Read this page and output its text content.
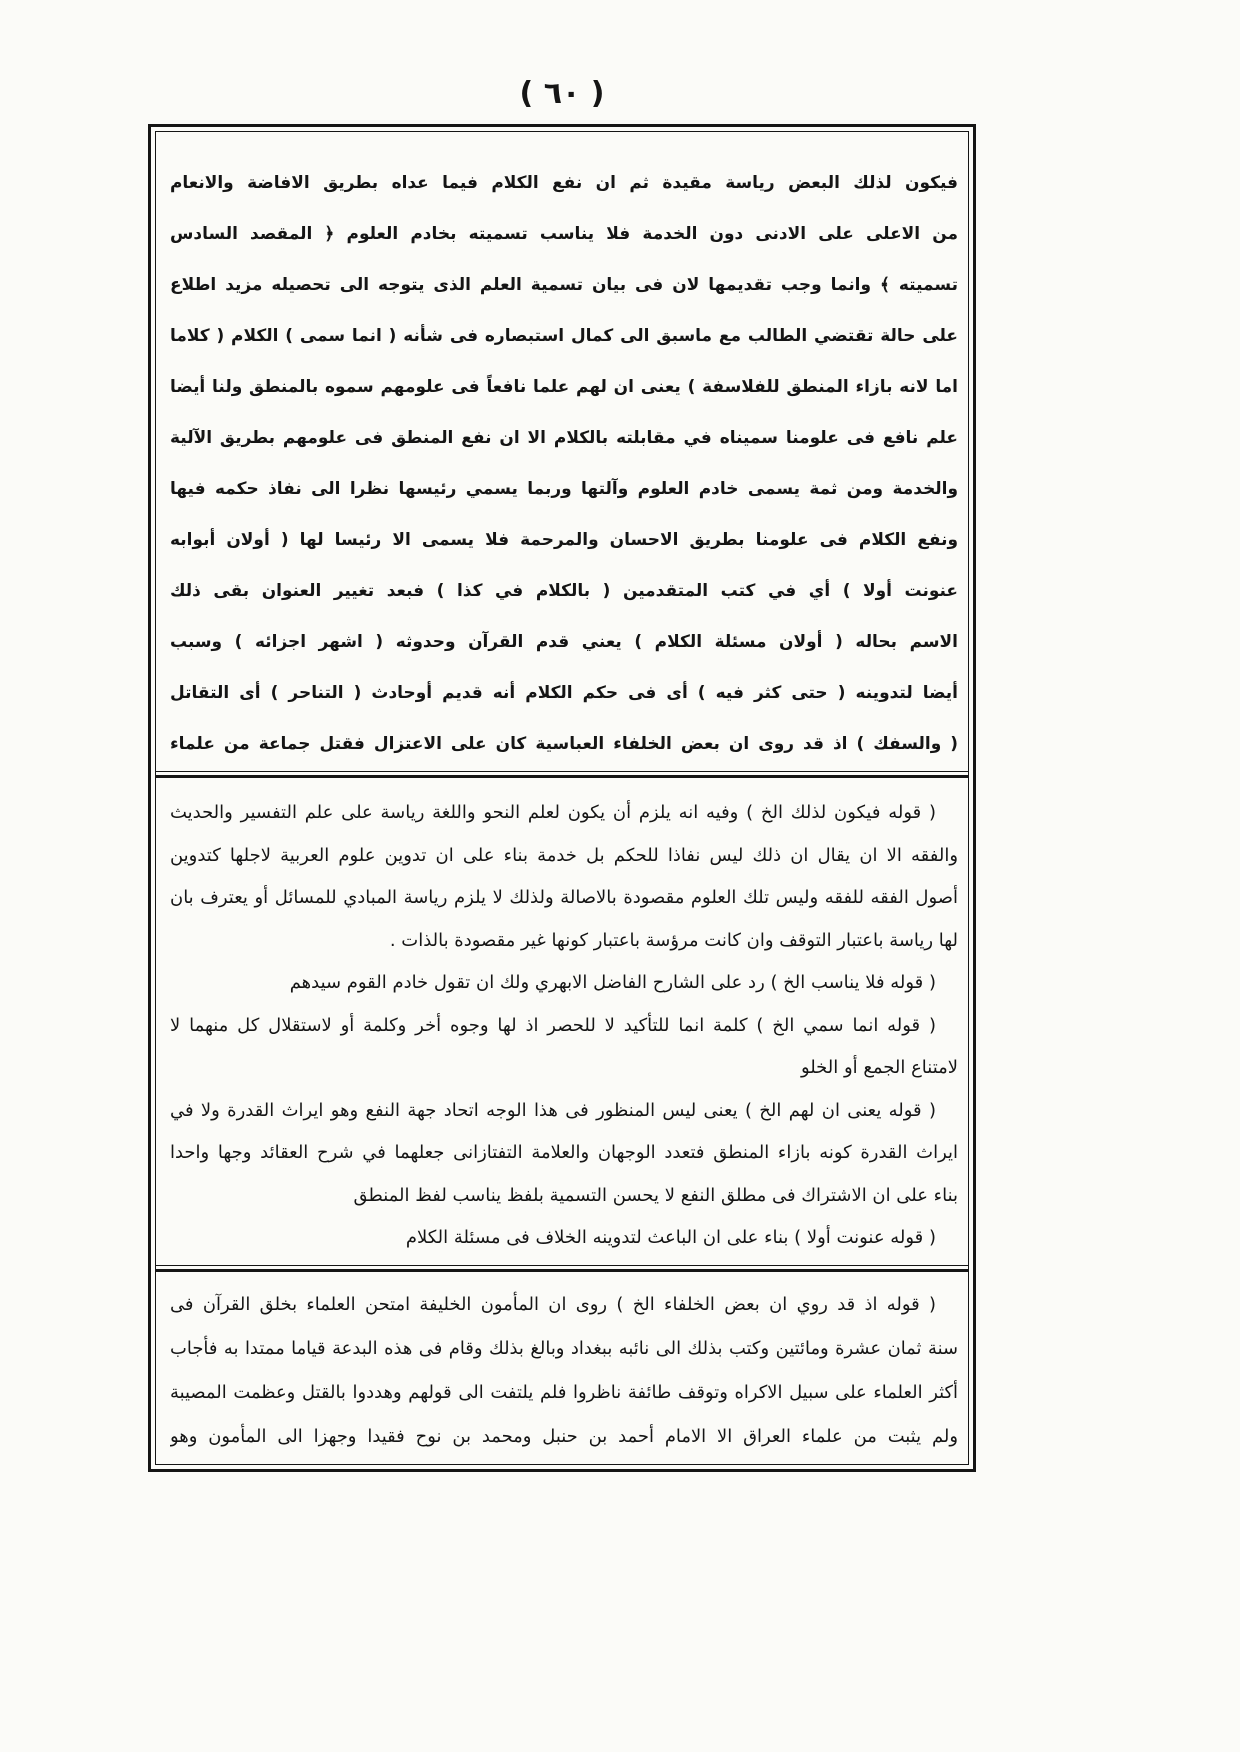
( ٦٠ )
فيكون لذلك البعض رياسة مقيدة ثم ان نفع الكلام فيما عداه بطريق الافاضة والانعام
من الاعلى على الادنى دون الخدمة فلا يناسب تسميته بخادم العلوم ﴿ المقصد السادس
تسميته ﴾ وانما وجب تقديمها لان فى بيان تسمية العلم الذى يتوجه الى تحصيله مزيد اطلاع
على حالة تقتضي الطالب مع ماسبق الى كمال استبصاره فى شأنه ( انما سمى ) الكلام ( كلاما
اما لانه بازاء المنطق للفلاسفة ) يعنى ان لهم علما نافعاً فى علومهم سموه بالمنطق ولنا أيضا
علم نافع فى علومنا سميناه في مقابلته بالكلام الا ان نفع المنطق فى علومهم بطريق الآلية
والخدمة ومن ثمة يسمى خادم العلوم وآلتها وربما يسمي رئيسها نظرا الى نفاذ حكمه فيها
ونفع الكلام فى علومنا بطريق الاحسان والمرحمة فلا يسمى الا رئيسا لها ( أولان أبوابه
عنونت أولا ) أي في كتب المتقدمين ( بالكلام في كذا ) فبعد تغيير العنوان بقى ذلك
الاسم بحاله ( أولان مسئلة الكلام ) يعني قدم القرآن وحدوثه ( اشهر اجزائه ) وسبب
أيضا لتدوينه ( حتى كثر فيه ) أى فى حكم الكلام أنه قديم أوحادث ( التناحر ) أى التقاتل
( والسفك ) اذ قد روى ان بعض الخلفاء العباسية كان على الاعتزال فقتل جماعة من علماء
( قوله فيكون لذلك الخ ) وفيه انه يلزم أن يكون لعلم النحو واللغة رياسة على علم التفسير والحديث
والفقه الا ان يقال ان ذلك ليس نفاذا للحكم بل خدمة بناء على ان تدوين علوم العربية لاجلها كتدوين
أصول الفقه للفقه وليس تلك العلوم مقصودة بالاصالة ولذلك لا يلزم رياسة المبادي للمسائل أو يعترف بان
لها رياسة باعتبار التوقف وان كانت مرؤسة باعتبار كونها غير مقصودة بالذات .
( قوله فلا يناسب الخ ) رد على الشارح الفاضل الابهري ولك ان تقول خادم القوم سيدهم
( قوله انما سمي الخ ) كلمة انما للتأكيد لا للحصر اذ لها وجوه أخر وكلمة أو لاستقلال كل منهما لا
لامتناع الجمع أو الخلو
( قوله يعنى ان لهم الخ ) يعنى ليس المنظور فى هذا الوجه اتحاد جهة النفع وهو ايراث القدرة ولا في
ايراث القدرة كونه بازاء المنطق فتعدد الوجهان والعلامة التفتازانى جعلهما في شرح العقائد وجها واحدا
بناء على ان الاشتراك فى مطلق النفع لا يحسن التسمية بلفظ يناسب لفظ المنطق
( قوله عنونت أولا ) بناء على ان الباعث لتدوينه الخلاف فى مسئلة الكلام
( قوله اذ قد روي ان بعض الخلفاء الخ ) روى ان المأمون الخليفة امتحن العلماء بخلق القرآن فى
سنة ثمان عشرة ومائتين وكتب بذلك الى نائبه ببغداد وبالغ بذلك وقام فى هذه البدعة قياما ممتدا به فأجاب
أكثر العلماء على سبيل الاكراه وتوقف طائفة ناظروا فلم يلتفت الى قولهم وهددوا بالقتل وعظمت المصيبة
ولم يثبت من علماء العراق الا الامام أحمد بن حنبل ومحمد بن نوح فقيدا وجهزا الى المأمون وهو
